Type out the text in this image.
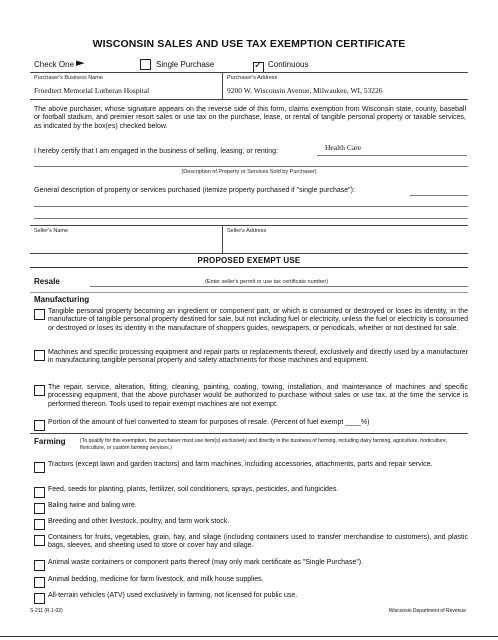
WISCONSIN SALES AND USE TAX EXEMPTION CERTIFICATE
Check One ▶	Single Purchase
✓	Continuous
Purchaser's Business Name
Froedtert Memorial Lutheran Hospital
Purchaser's Address
9200 W. Wisconsin Avenue, Milwaukee, WI, 53226
The above purchaser, whose signature appears on the reverse side of this form, claims exemption from Wisconsin state, county, baseball or football stadium, and premier resort sales or use tax on the purchase, lease, or rental of tangible personal property or taxable services, as indicated by the box(es) checked below.
I hereby certify that I am engaged in the business of selling, leasing, or renting:	Health Care
(Description of Property or Services Sold by Purchaser)
General description of property or services purchased (itemize property purchased if "single purchase"):
Seller's Name	Seller's Address
PROPOSED EXEMPT USE
Resale	(Enter seller's permit or use tax certificate number)
Manufacturing
Tangible personal property becoming an ingredient or component part, or which is consumed or destroyed or loses its identity, in the manufacture of tangible personal property destined for sale, but not including fuel or electricity, unless the fuel or electricity is consumed or destroyed or loses its identity in the manufacture of shoppers guides, newspapers, or periodicals, whether or not destined for sale.
Machines and specific processing equipment and repair parts or replacements thereof, exclusively and directly used by a manufacturer in manufacturing tangible personal property and safety attachments for those machines and equipment.
The repair, service, alteration, fitting, cleaning, painting, coating, towing, installation, and maintenance of machines and specific processing equipment, that the above purchaser would be authorized to purchase without sales or use tax, at the time the service is performed thereon. Tools used to repair exempt machines are not exempt.
Portion of the amount of fuel converted to steam for purposes of resale. (Percent of fuel exempt ____%)
Farming	(To qualify for this exemption, the purchaser must use item(s) exclusively and directly in the business of farming, including dairy farming, agriculture, horticulture, floriculture, or custom farming services.)
Tractors (except lawn and garden tractors) and farm machines, including accessories, attachments, parts and repair service.
Feed, seeds for planting, plants, fertilizer, soil conditioners, sprays, pesticides, and fungicides.
Baling twine and baling wire.
Breeding and other livestock, poultry, and farm work stock.
Containers for fruits, vegetables, grain, hay, and silage (including containers used to transfer merchandise to customers), and plastic bags, sleeves, and sheeting used to store or cover hay and silage.
Animal waste containers or component parts thereof (may only mark certificate as "Single Purchase").
Animal bedding, medicine for farm livestock, and milk house supplies.
All-terrain vehicles (ATV) used exclusively in farming, not licensed for public use.
S-211 (R.1-02)	Wisconsin Department of Revenue
